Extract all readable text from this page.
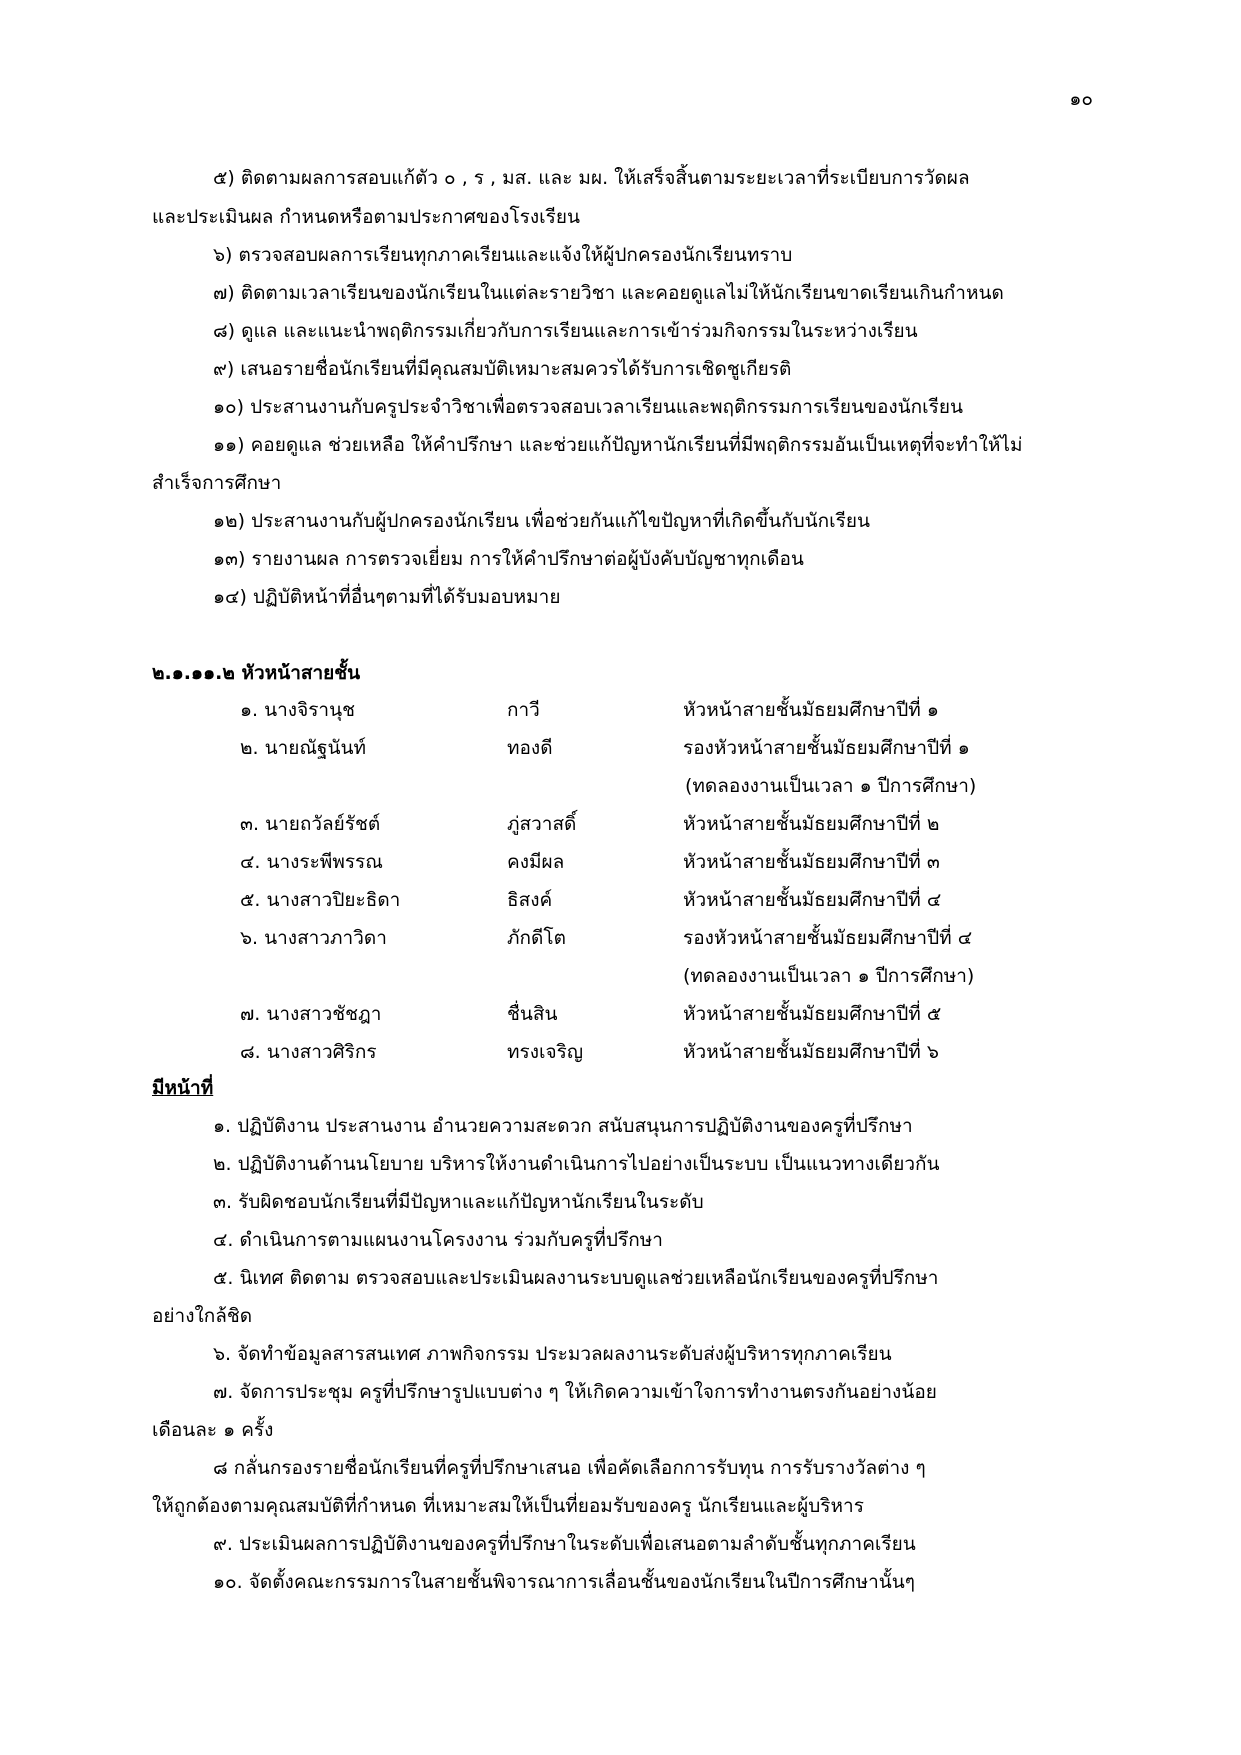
๑๐
๕) ติดตามผลการสอบแก้ตัว ๐ , ร , มส. และ มผ. ให้เสร็จสิ้นตามระยะเวลาที่ระเบียบการวัดผล
และประเมินผล กำหนดหรือตามประกาศของโรงเรียน
๖) ตรวจสอบผลการเรียนทุกภาคเรียนและแจ้งให้ผู้ปกครองนักเรียนทราบ
๗) ติดตามเวลาเรียนของนักเรียนในแต่ละรายวิชา และคอยดูแลไม่ให้นักเรียนขาดเรียนเกินกำหนด
๘) ดูแล และแนะนำพฤติกรรมเกี่ยวกับการเรียนและการเข้าร่วมกิจกรรมในระหว่างเรียน
๙) เสนอรายชื่อนักเรียนที่มีคุณสมบัติเหมาะสมควรได้รับการเชิดชูเกียรติ
๑๐) ประสานงานกับครูประจำวิชาเพื่อตรวจสอบเวลาเรียนและพฤติกรรมการเรียนของนักเรียน
๑๑) คอยดูแล ช่วยเหลือ ให้คำปรึกษา และช่วยแก้ปัญหานักเรียนที่มีพฤติกรรมอันเป็นเหตุที่จะทำให้ไม่
สำเร็จการศึกษา
๑๒) ประสานงานกับผู้ปกครองนักเรียน เพื่อช่วยกันแก้ไขปัญหาที่เกิดขึ้นกับนักเรียน
๑๓) รายงานผล การตรวจเยี่ยม การให้คำปรึกษาต่อผู้บังคับบัญชาทุกเดือน
๑๔) ปฏิบัติหน้าที่อื่นๆตามที่ได้รับมอบหมาย
๒.๑.๑๑.๒ หัวหน้าสายชั้น
๑. นางจิรานุช	กาวี	หัวหน้าสายชั้นมัธยมศึกษาปีที่ ๑
๒. นายณัฐนันท์	ทองดี	รองหัวหน้าสายชั้นมัธยมศึกษาปีที่ ๑
(ทดลองงานเป็นเวลา ๑ ปีการศึกษา)
๓. นายถวัลย์รัชต์	ภู่สวาสดิ์	หัวหน้าสายชั้นมัธยมศึกษาปีที่ ๒
๔. นางระพีพรรณ	คงมีผล	หัวหน้าสายชั้นมัธยมศึกษาปีที่ ๓
๕. นางสาวปิยะธิดา	ธิสงค์	หัวหน้าสายชั้นมัธยมศึกษาปีที่ ๔
๖. นางสาวภาวิดา	ภักดีโต	รองหัวหน้าสายชั้นมัธยมศึกษาปีที่ ๔
(ทดลองงานเป็นเวลา ๑ ปีการศึกษา)
๗. นางสาวชัชฎา	ชื่นสิน	หัวหน้าสายชั้นมัธยมศึกษาปีที่ ๕
๘. นางสาวศิริกร	ทรงเจริญ	หัวหน้าสายชั้นมัธยมศึกษาปีที่ ๖
มีหน้าที่
๑. ปฏิบัติงาน ประสานงาน อำนวยความสะดวก สนับสนุนการปฏิบัติงานของครูที่ปรึกษา
๒. ปฏิบัติงานด้านนโยบาย บริหารให้งานดำเนินการไปอย่างเป็นระบบ เป็นแนวทางเดียวกัน
๓. รับผิดชอบนักเรียนที่มีปัญหาและแก้ปัญหานักเรียนในระดับ
๔. ดำเนินการตามแผนงานโครงงาน ร่วมกับครูที่ปรึกษา
๕. นิเทศ ติดตาม ตรวจสอบและประเมินผลงานระบบดูแลช่วยเหลือนักเรียนของครูที่ปรึกษา
อย่างใกล้ชิด
๖. จัดทำข้อมูลสารสนเทศ ภาพกิจกรรม ประมวลผลงานระดับส่งผู้บริหารทุกภาคเรียน
๗. จัดการประชุม ครูที่ปรึกษารูปแบบต่าง ๆ ให้เกิดความเข้าใจการทำงานตรงกันอย่างน้อย
เดือนละ ๑ ครั้ง
๘ กลั่นกรองรายชื่อนักเรียนที่ครูที่ปรึกษาเสนอ เพื่อคัดเลือกการรับทุน การรับรางวัลต่าง ๆ
ให้ถูกต้องตามคุณสมบัติที่กำหนด ที่เหมาะสมให้เป็นที่ยอมรับของครู นักเรียนและผู้บริหาร
๙. ประเมินผลการปฏิบัติงานของครูที่ปรึกษาในระดับเพื่อเสนอตามลำดับชั้นทุกภาคเรียน
๑๐. จัดตั้งคณะกรรมการในสายชั้นพิจารณาการเลื่อนชั้นของนักเรียนในปีการศึกษานั้นๆ
